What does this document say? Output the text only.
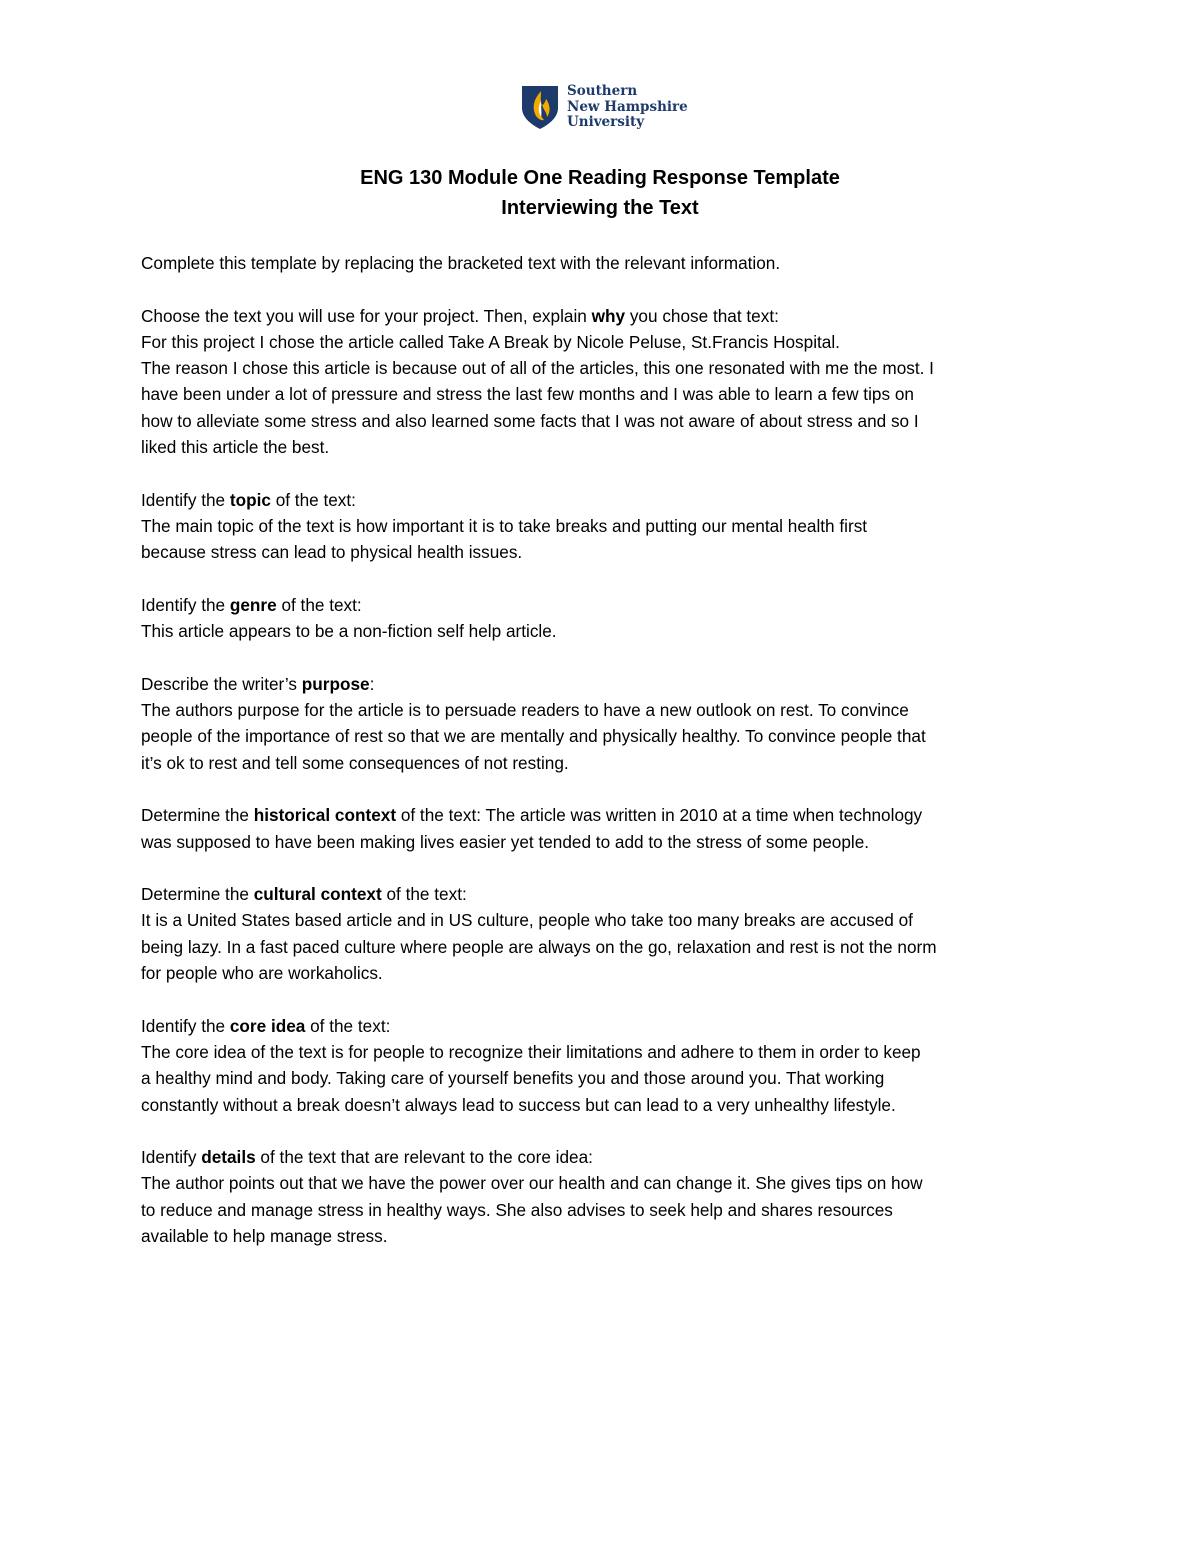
Southern
New Hampshire
University
ENG 130 Module One Reading Response Template
Interviewing the Text

Complete this template by replacing the bracketed text with the relevant information.

Choose the text you will use for your project. Then, explain why you chose that text:
For this project I chose the article called Take A Break by Nicole Peluse, St.Francis Hospital.
The reason I chose this article is because out of all of the articles, this one resonated with me the most. I
have been under a lot of pressure and stress the last few months and I was able to learn a few tips on
how to alleviate some stress and also learned some facts that I was not aware of about stress and so I
liked this article the best.

Identify the topic of the text:
The main topic of the text is how important it is to take breaks and putting our mental health first
because stress can lead to physical health issues.

Identify the genre of the text:
This article appears to be a non-fiction self help article.

Describe the writer’s purpose:
The authors purpose for the article is to persuade readers to have a new outlook on rest. To convince
people of the importance of rest so that we are mentally and physically healthy. To convince people that
it’s ok to rest and tell some consequences of not resting.

Determine the historical context of the text: The article was written in 2010 at a time when technology
was supposed to have been making lives easier yet tended to add to the stress of some people.

Determine the cultural context of the text:
It is a United States based article and in US culture, people who take too many breaks are accused of
being lazy. In a fast paced culture where people are always on the go, relaxation and rest is not the norm
for people who are workaholics.

Identify the core idea of the text:
The core idea of the text is for people to recognize their limitations and adhere to them in order to keep
a healthy mind and body. Taking care of yourself benefits you and those around you. That working
constantly without a break doesn’t always lead to success but can lead to a very unhealthy lifestyle.

Identify details of the text that are relevant to the core idea:
The author points out that we have the power over our health and can change it. She gives tips on how
to reduce and manage stress in healthy ways. She also advises to seek help and shares resources
available to help manage stress.
